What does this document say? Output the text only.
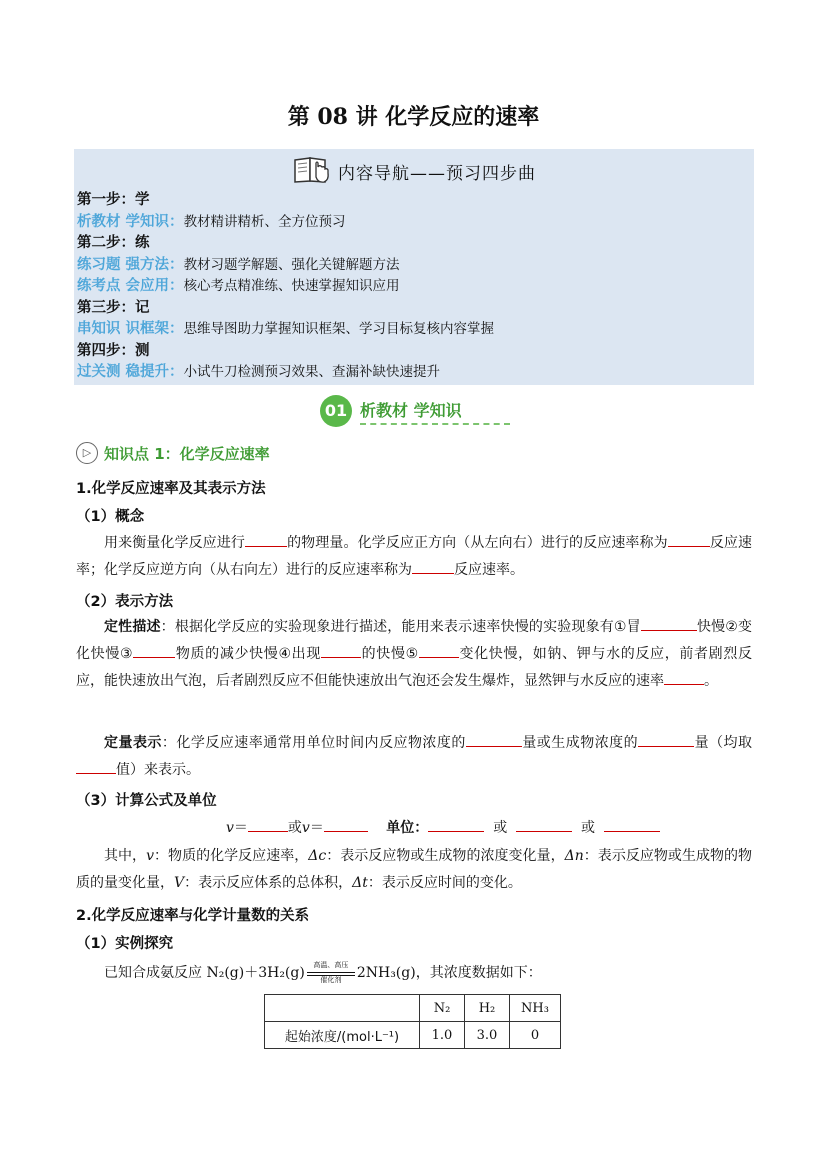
第 08 讲 化学反应的速率
内容导航——预习四步曲
第一步：学
析教材 学知识：教材精讲精析、全方位预习
第二步：练
练习题 强方法：教材习题学解题、强化关键解题方法
练考点 会应用：核心考点精准练、快速掌握知识应用
第三步：记
串知识 识框架：思维导图助力掌握知识框架、学习目标复核内容掌握
第四步：测
过关测 稳提升：小试牛刀检测预习效果、查漏补缺快速提升
01 析教材 学知识
▷ 知识点 1：化学反应速率
1.化学反应速率及其表示方法
（1）概念
用来衡量化学反应进行	的物理量。化学反应正方向（从左向右）进行的反应速率称为	反应速率；化学反应逆方向（从右向左）进行的反应速率称为	反应速率。
（2）表示方法
定性描述：根据化学反应的实验现象进行描述，能用来表示速率快慢的实验现象有①冒	快慢②变化快慢③	物质的减少快慢④出现	的快慢⑤	变化快慢，如钠、钾与水的反应，前者剧烈反应，能快速放出气泡，后者剧烈反应不但能快速放出气泡还会发生爆炸，显然钾与水反应的速率	。
定量表示：化学反应速率通常用单位时间内反应物浓度的	量或生成物浓度的	量（均取值）来表示。
（3）计算公式及单位
v＝	或v＝	单位：	或	或
其中，v：物质的化学反应速率，Δc：表示反应物或生成物的浓度变化量，Δn：表示反应物或生成物的物质的量变化量，V：表示反应体系的总体积，Δt：表示反应时间的变化。
2.化学反应速率与化学计量数的关系
（1）实例探究
已知合成氨反应 N₂(g)＋3H₂(g)	高温、高压
催化剂	2NH₃(g)，其浓度数据如下：
	N₂	H₂	NH₃
起始浓度/(mol·L⁻¹)	1.0	3.0	0
